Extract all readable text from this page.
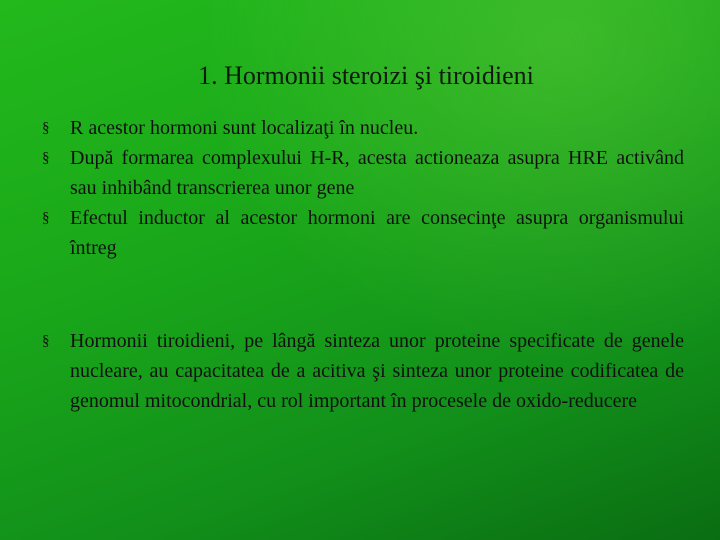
1. Hormonii steroizi şi tiroidieni
§ R acestor hormoni sunt localizaţi în nucleu.
§ După formarea complexului H-R, acesta actioneaza asupra HRE activând sau inhibând transcrierea unor gene
§ Efectul inductor al acestor hormoni are consecinţe asupra organismului întreg
§ Hormonii tiroidieni, pe lângă sinteza unor proteine specificate de genele nucleare, au capacitatea de a acitiva şi sinteza unor proteine codificatea de genomul mitocondrial, cu rol important în procesele de oxido-reducere
